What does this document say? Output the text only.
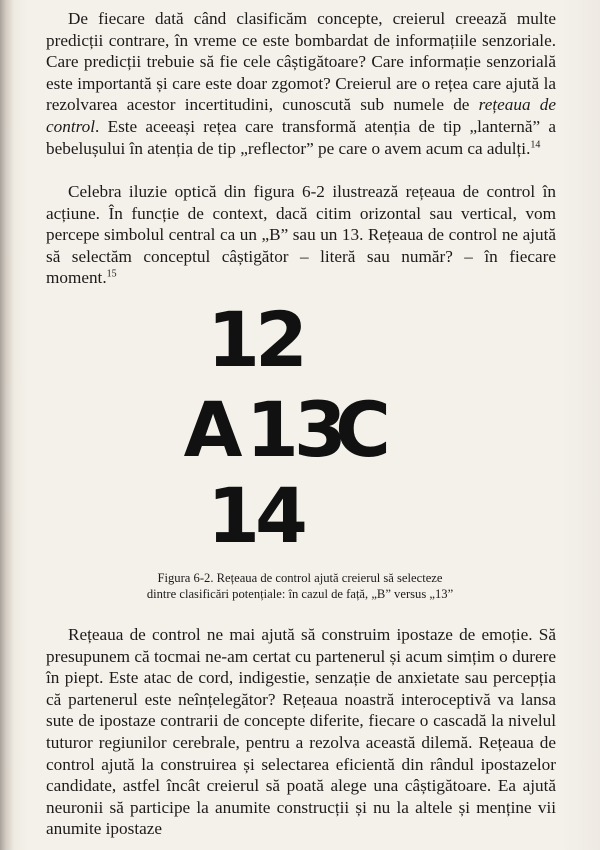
De fiecare dată când clasificăm concepte, creierul creează multe predicții contrare, în vreme ce este bombardat de informațiile senzoriale. Care predicții trebuie să fie cele câștigătoare? Care informație senzorială este importantă și care este doar zgomot? Creierul are o rețea care ajută la rezolvarea acestor incertitudini, cunoscută sub numele de rețeaua de control. Este aceeași rețea care transformă atenția de tip „lanternă” a bebelușului în atenția de tip „reflector” pe care o avem acum ca adulți.$^{14}$

Celebra iluzie optică din figura 6-2 ilustrează rețeaua de control în acțiune. În funcție de context, dacă citim orizontal sau vertical, vom percepe simbolul central ca un „B” sau un 13. Rețeaua de control ne ajută să selectăm conceptul câștigător – literă sau număr? – în fiecare moment.$^{15}$

12
A13C
14
Figura 6-2. Rețeaua de control ajută creierul să selecteze
dintre clasificări potențiale: în cazul de față, „B” versus „13”

Rețeaua de control ne mai ajută să construim ipostaze de emoție. Să presupunem că tocmai ne-am certat cu partenerul și acum simțim o durere în piept. Este atac de cord, indigestie, senzație de anxietate sau percepția că partenerul este neînțelegător? Rețeaua noastră interoceptivă va lansa sute de ipostaze contrarii de concepte diferite, fiecare o cascadă la nivelul tuturor regiunilor cerebrale, pentru a rezolva această dilemă. Rețeaua de control ajută la construirea și selectarea eficientă din rândul ipostazelor candidate, astfel încât creierul să poată alege una câștigătoare. Ea ajută neuronii să participe la anumite construcții și nu la altele și menține vii anumite ipostaze
